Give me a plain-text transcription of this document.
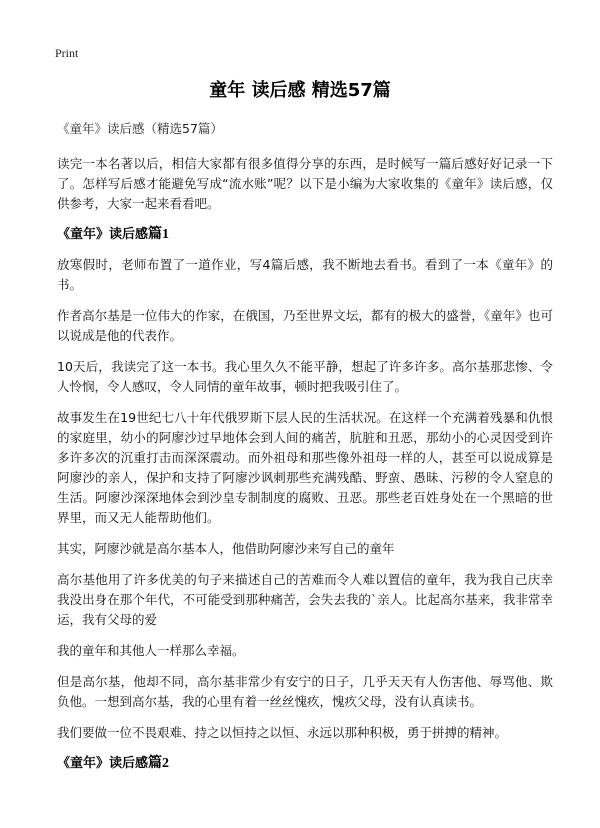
Print
童年 读后感 精选57篇

《童年》读后感（精选57篇）

读完一本名著以后，相信大家都有很多值得分享的东西，是时候写一篇后感好好记录一下了。怎样写后感才能避免写成“流水账”呢？以下是小编为大家收集的《童年》读后感，仅供参考，大家一起来看看吧。

《童年》读后感篇1

放寒假时，老师布置了一道作业，写4篇后感，我不断地去看书。看到了一本《童年》的书。

作者高尔基是一位伟大的作家，在俄国，乃至世界文坛，都有的极大的盛誉，《童年》也可以说成是他的代表作。

10天后，我读完了这一本书。我心里久久不能平静，想起了许多许多。高尔基那悲惨、令人怜悯，令人感叹，令人同情的童年故事，顿时把我吸引住了。

故事发生在19世纪七八十年代俄罗斯下层人民的生活状况。在这样一个充满着残暴和仇恨的家庭里，幼小的阿廖沙过早地体会到人间的痛苦，肮脏和丑恶，那幼小的心灵因受到许多许多次的沉重打击而深深震动。而外祖母和那些像外祖母一样的人，甚至可以说成算是阿廖沙的亲人，保护和支持了阿廖沙讽刺那些充满残酷、野蛮、愚昧、污秽的令人窒息的生活。阿廖沙深深地体会到沙皇专制制度的腐败、丑恶。那些老百姓身处在一个黑暗的世界里，而又无人能帮助他们。

其实，阿廖沙就是高尔基本人，他借助阿廖沙来写自己的童年

高尔基他用了许多优美的句子来描述自己的苦难而令人难以置信的童年，我为我自己庆幸我没出身在那个年代，不可能受到那种痛苦，会失去我的`亲人。比起高尔基来，我非常幸运，我有父母的爱

我的童年和其他人一样那么幸福。

但是高尔基，他却不同，高尔基非常少有安宁的日子，几乎天天有人伤害他、辱骂他、欺负他。一想到高尔基，我的心里有着一丝丝愧疚，愧疚父母，没有认真读书。

我们要做一位不畏艰难、持之以恒持之以恒、永远以那种积极，勇于拼搏的精神。

《童年》读后感篇2
